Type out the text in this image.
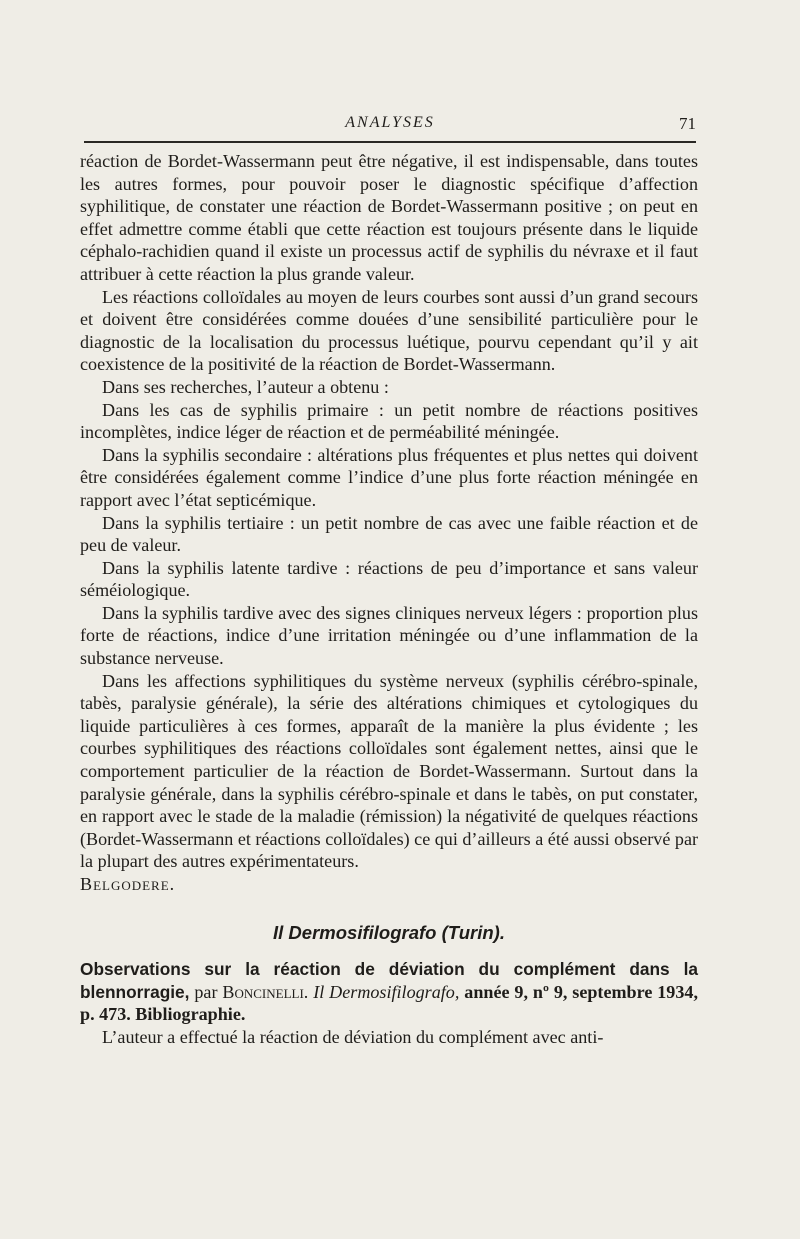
ANALYSES	71

réaction de Bordet-Wassermann peut être négative, il est indispensable, dans toutes les autres formes, pour pouvoir poser le diagnostic spécifique d’affection syphilitique, de constater une réaction de Bordet-Wassermann positive ; on peut en effet admettre comme établi que cette réaction est toujours présente dans le liquide céphalo-rachidien quand il existe un processus actif de syphilis du névraxe et il faut attribuer à cette réaction la plus grande valeur.

Les réactions colloïdales au moyen de leurs courbes sont aussi d’un grand secours et doivent être considérées comme douées d’une sensibilité particulière pour le diagnostic de la localisation du processus luétique, pourvu cependant qu’il y ait coexistence de la positivité de la réaction de Bordet-Wassermann.

Dans ses recherches, l’auteur a obtenu :

Dans les cas de syphilis primaire : un petit nombre de réactions positives incomplètes, indice léger de réaction et de perméabilité méningée.

Dans la syphilis secondaire : altérations plus fréquentes et plus nettes qui doivent être considérées également comme l’indice d’une plus forte réaction méningée en rapport avec l’état septicémique.

Dans la syphilis tertiaire : un petit nombre de cas avec une faible réaction et de peu de valeur.

Dans la syphilis latente tardive : réactions de peu d’importance et sans valeur séméiologique.

Dans la syphilis tardive avec des signes cliniques nerveux légers : proportion plus forte de réactions, indice d’une irritation méningée ou d’une inflammation de la substance nerveuse.

Dans les affections syphilitiques du système nerveux (syphilis cérébro-spinale, tabès, paralysie générale), la série des altérations chimiques et cytologiques du liquide particulières à ces formes, apparaît de la manière la plus évidente ; les courbes syphilitiques des réactions colloïdales sont également nettes, ainsi que le comportement particulier de la réaction de Bordet-Wassermann. Surtout dans la paralysie générale, dans la syphilis cérébro-spinale et dans le tabès, on put constater, en rapport avec le stade de la maladie (rémission) la négativité de quelques réactions (Bordet-Wassermann et réactions colloïdales) ce qui d’ailleurs a été aussi observé par la plupart des autres expérimentateurs.

Belgodere.

Il Dermosifilografo (Turin).

Observations sur la réaction de déviation du complément dans la blennorragie, par Boncinelli. Il Dermosifilografo, année 9, nº 9, septembre 1934, p. 473. Bibliographie.

L’auteur a effectué la réaction de déviation du complément avec anti-
